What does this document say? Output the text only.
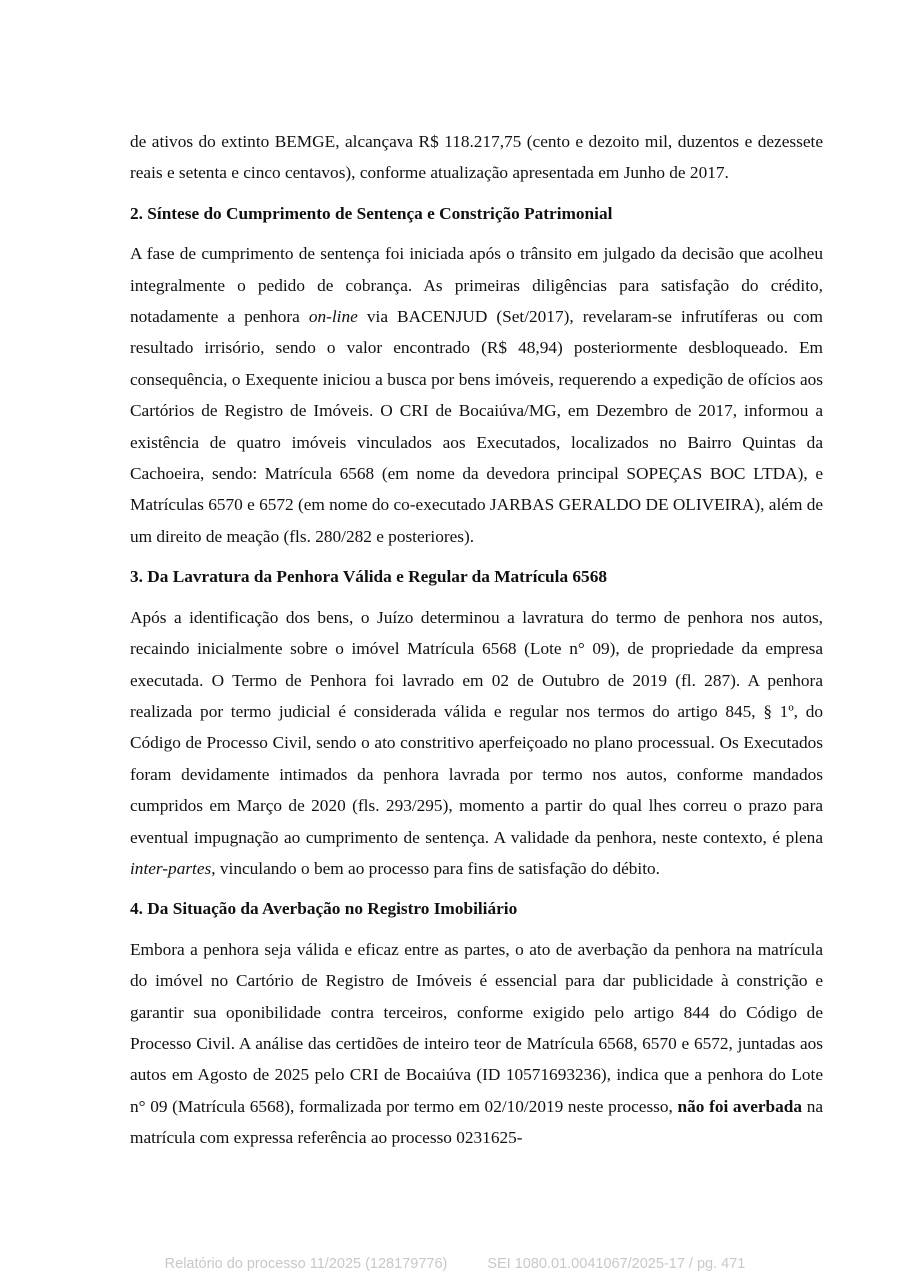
de ativos do extinto BEMGE, alcançava R$ 118.217,75 (cento e dezoito mil, duzentos e dezessete reais e setenta e cinco centavos), conforme atualização apresentada em Junho de 2017.

2. Síntese do Cumprimento de Sentença e Constrição Patrimonial

A fase de cumprimento de sentença foi iniciada após o trânsito em julgado da decisão que acolheu integralmente o pedido de cobrança. As primeiras diligências para satisfação do crédito, notadamente a penhora on-line via BACENJUD (Set/2017), revelaram-se infrutíferas ou com resultado irrisório, sendo o valor encontrado (R$ 48,94) posteriormente desbloqueado. Em consequência, o Exequente iniciou a busca por bens imóveis, requerendo a expedição de ofícios aos Cartórios de Registro de Imóveis. O CRI de Bocaiúva/MG, em Dezembro de 2017, informou a existência de quatro imóveis vinculados aos Executados, localizados no Bairro Quintas da Cachoeira, sendo: Matrícula 6568 (em nome da devedora principal SOPEÇAS BOC LTDA), e Matrículas 6570 e 6572 (em nome do co-executado JARBAS GERALDO DE OLIVEIRA), além de um direito de meação (fls. 280/282 e posteriores).

3. Da Lavratura da Penhora Válida e Regular da Matrícula 6568

Após a identificação dos bens, o Juízo determinou a lavratura do termo de penhora nos autos, recaindo inicialmente sobre o imóvel Matrícula 6568 (Lote n° 09), de propriedade da empresa executada. O Termo de Penhora foi lavrado em 02 de Outubro de 2019 (fl. 287). A penhora realizada por termo judicial é considerada válida e regular nos termos do artigo 845, § 1º, do Código de Processo Civil, sendo o ato constritivo aperfeiçoado no plano processual. Os Executados foram devidamente intimados da penhora lavrada por termo nos autos, conforme mandados cumpridos em Março de 2020 (fls. 293/295), momento a partir do qual lhes correu o prazo para eventual impugnação ao cumprimento de sentença. A validade da penhora, neste contexto, é plena inter-partes, vinculando o bem ao processo para fins de satisfação do débito.

4. Da Situação da Averbação no Registro Imobiliário

Embora a penhora seja válida e eficaz entre as partes, o ato de averbação da penhora na matrícula do imóvel no Cartório de Registro de Imóveis é essencial para dar publicidade à constrição e garantir sua oponibilidade contra terceiros, conforme exigido pelo artigo 844 do Código de Processo Civil. A análise das certidões de inteiro teor de Matrícula 6568, 6570 e 6572, juntadas aos autos em Agosto de 2025 pelo CRI de Bocaiúva (ID 10571693236), indica que a penhora do Lote n° 09 (Matrícula 6568), formalizada por termo em 02/10/2019 neste processo, não foi averbada na matrícula com expressa referência ao processo 0231625-

Relatório do processo 11/2025 (128179776)	SEI 1080.01.0041067/2025-17 / pg. 471
